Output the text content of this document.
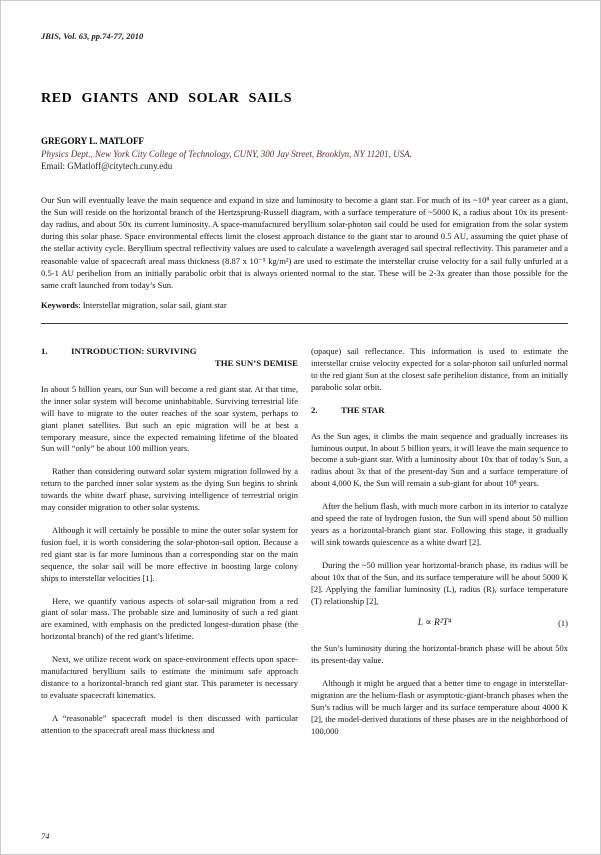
JBIS, Vol. 63, pp.74-77, 2010
RED GIANTS AND SOLAR SAILS
GREGORY L. MATLOFF
Physics Dept., New York City College of Technology, CUNY, 300 Jay Street, Brooklyn, NY 11201, USA.
Email: GMatloff@citytech.cuny.edu
Our Sun will eventually leave the main sequence and expand in size and luminosity to become a giant star. For much of its ~10⁸ year career as a giant, the Sun will reside on the horizontal branch of the Hertzsprung-Russell diagram, with a surface temperature of ~5000 K, a radius about 10x its present-day radius, and about 50x its current luminosity. A space-manufactured beryllium solar-photon sail could be used for emigration from the solar system during this solar phase. Space environmental effects limit the closest approach distance to the giant star to around 0.5 AU, assuming the quiet phase of the stellar activity cycle. Beryllium spectral reflectivity values are used to calculate a wavelength averaged sail spectral reflectivity. This parameter and a reasonable value of spacecraft areal mass thickness (8.87 x 10⁻⁵ kg/m²) are used to estimate the interstellar cruise velocity for a sail fully unfurled at a 0.5-1 AU perihelion from an initially parabolic orbit that is always oriented normal to the star. These will be 2-3x greater than those possible for the same craft launched from today’s Sun.
Keywords: Interstellar migration, solar sail, giant star
1.	INTRODUCTION: SURVIVING
THE SUN’S DEMISE

In about 5 billion years, our Sun will become a red giant star. At that time, the inner solar system will become uninhabitable. Surviving terrestrial life will have to migrate to the outer reaches of the soar system, perhaps to giant planet satellites. But such an epic migration will be at best a temporary measure, since the expected remaining lifetime of the bloated Sun will “only” be about 100 million years.

Rather than considering outward solar system migration followed by a return to the parched inner solar system as the dying Sun begins to shrink towards the white dwarf phase, surviving intelligence of terrestrial origin may consider migration to other solar systems.

Although it will certainly be possible to mine the outer solar system for fusion fuel, it is worth considering the solar-photon-sail option. Because a red giant star is far more luminous than a corresponding star on the main sequence, the solar sail will be more effective in boosting large colony ships to interstellar velocities [1].

Here, we quantify various aspects of solar-sail migration from a red giant of solar mass. The probable size and luminosity of such a red giant are examined, with emphasis on the predicted longest-duration phase (the horizontal branch) of the red giant’s lifetime.

Next, we utilize recent work on space-environment effects upon space-manufactured beryllium sails to estimate the minimum safe approach distance to a horizontal-branch red giant star. This parameter is necessary to evaluate spacecraft kinematics.

A “reasonable” spacecraft model is then discussed with particular attention to the spacecraft areal mass thickness and

(opaque) sail reflectance. This information is used to estimate the interstellar cruise velocity expected for a solar-photon sail unfurled normal to the red giant Sun at the closest safe perihelion distance, from an initially parabolic solar orbit.

2.	THE STAR

As the Sun ages, it climbs the main sequence and gradually increases its luminous output. In about 5 billion years, it will leave the main sequence to become a sub-giant star. With a luminosity about 10x that of today’s Sun, a radius about 3x that of the present-day Sun and a surface temperature of about 4,000 K, the Sun will remain a sub-giant for about 10⁸ years.

After the helium flash, with much more carbon in its interior to catalyze and speed the rate of hydrogen fusion, the Sun will spend about 50 million years as a horizontal-branch giant star. Following this stage, it gradually will sink towards quiescence as a white dwarf [2].

During the ~50 million year horizontal-branch phase, its radius will be about 10x that of the Sun, and its surface temperature will be about 5000 K [2]. Applying the familiar luminosity (L), radius (R), surface temperature (T) relationship [2],

L ∝ R²T⁴	(1)

the Sun’s luminosity during the horizontal-branch phase will be about 50x its present-day value.

Although it might be argued that a better time to engage in interstellar-migration are the helium-flash or asymptotic-giant-branch phases when the Sun’s radius will be much larger and its surface temperature about 4000 K [2], the model-derived durations of these phases are in the neighborhood of 100,000

74
